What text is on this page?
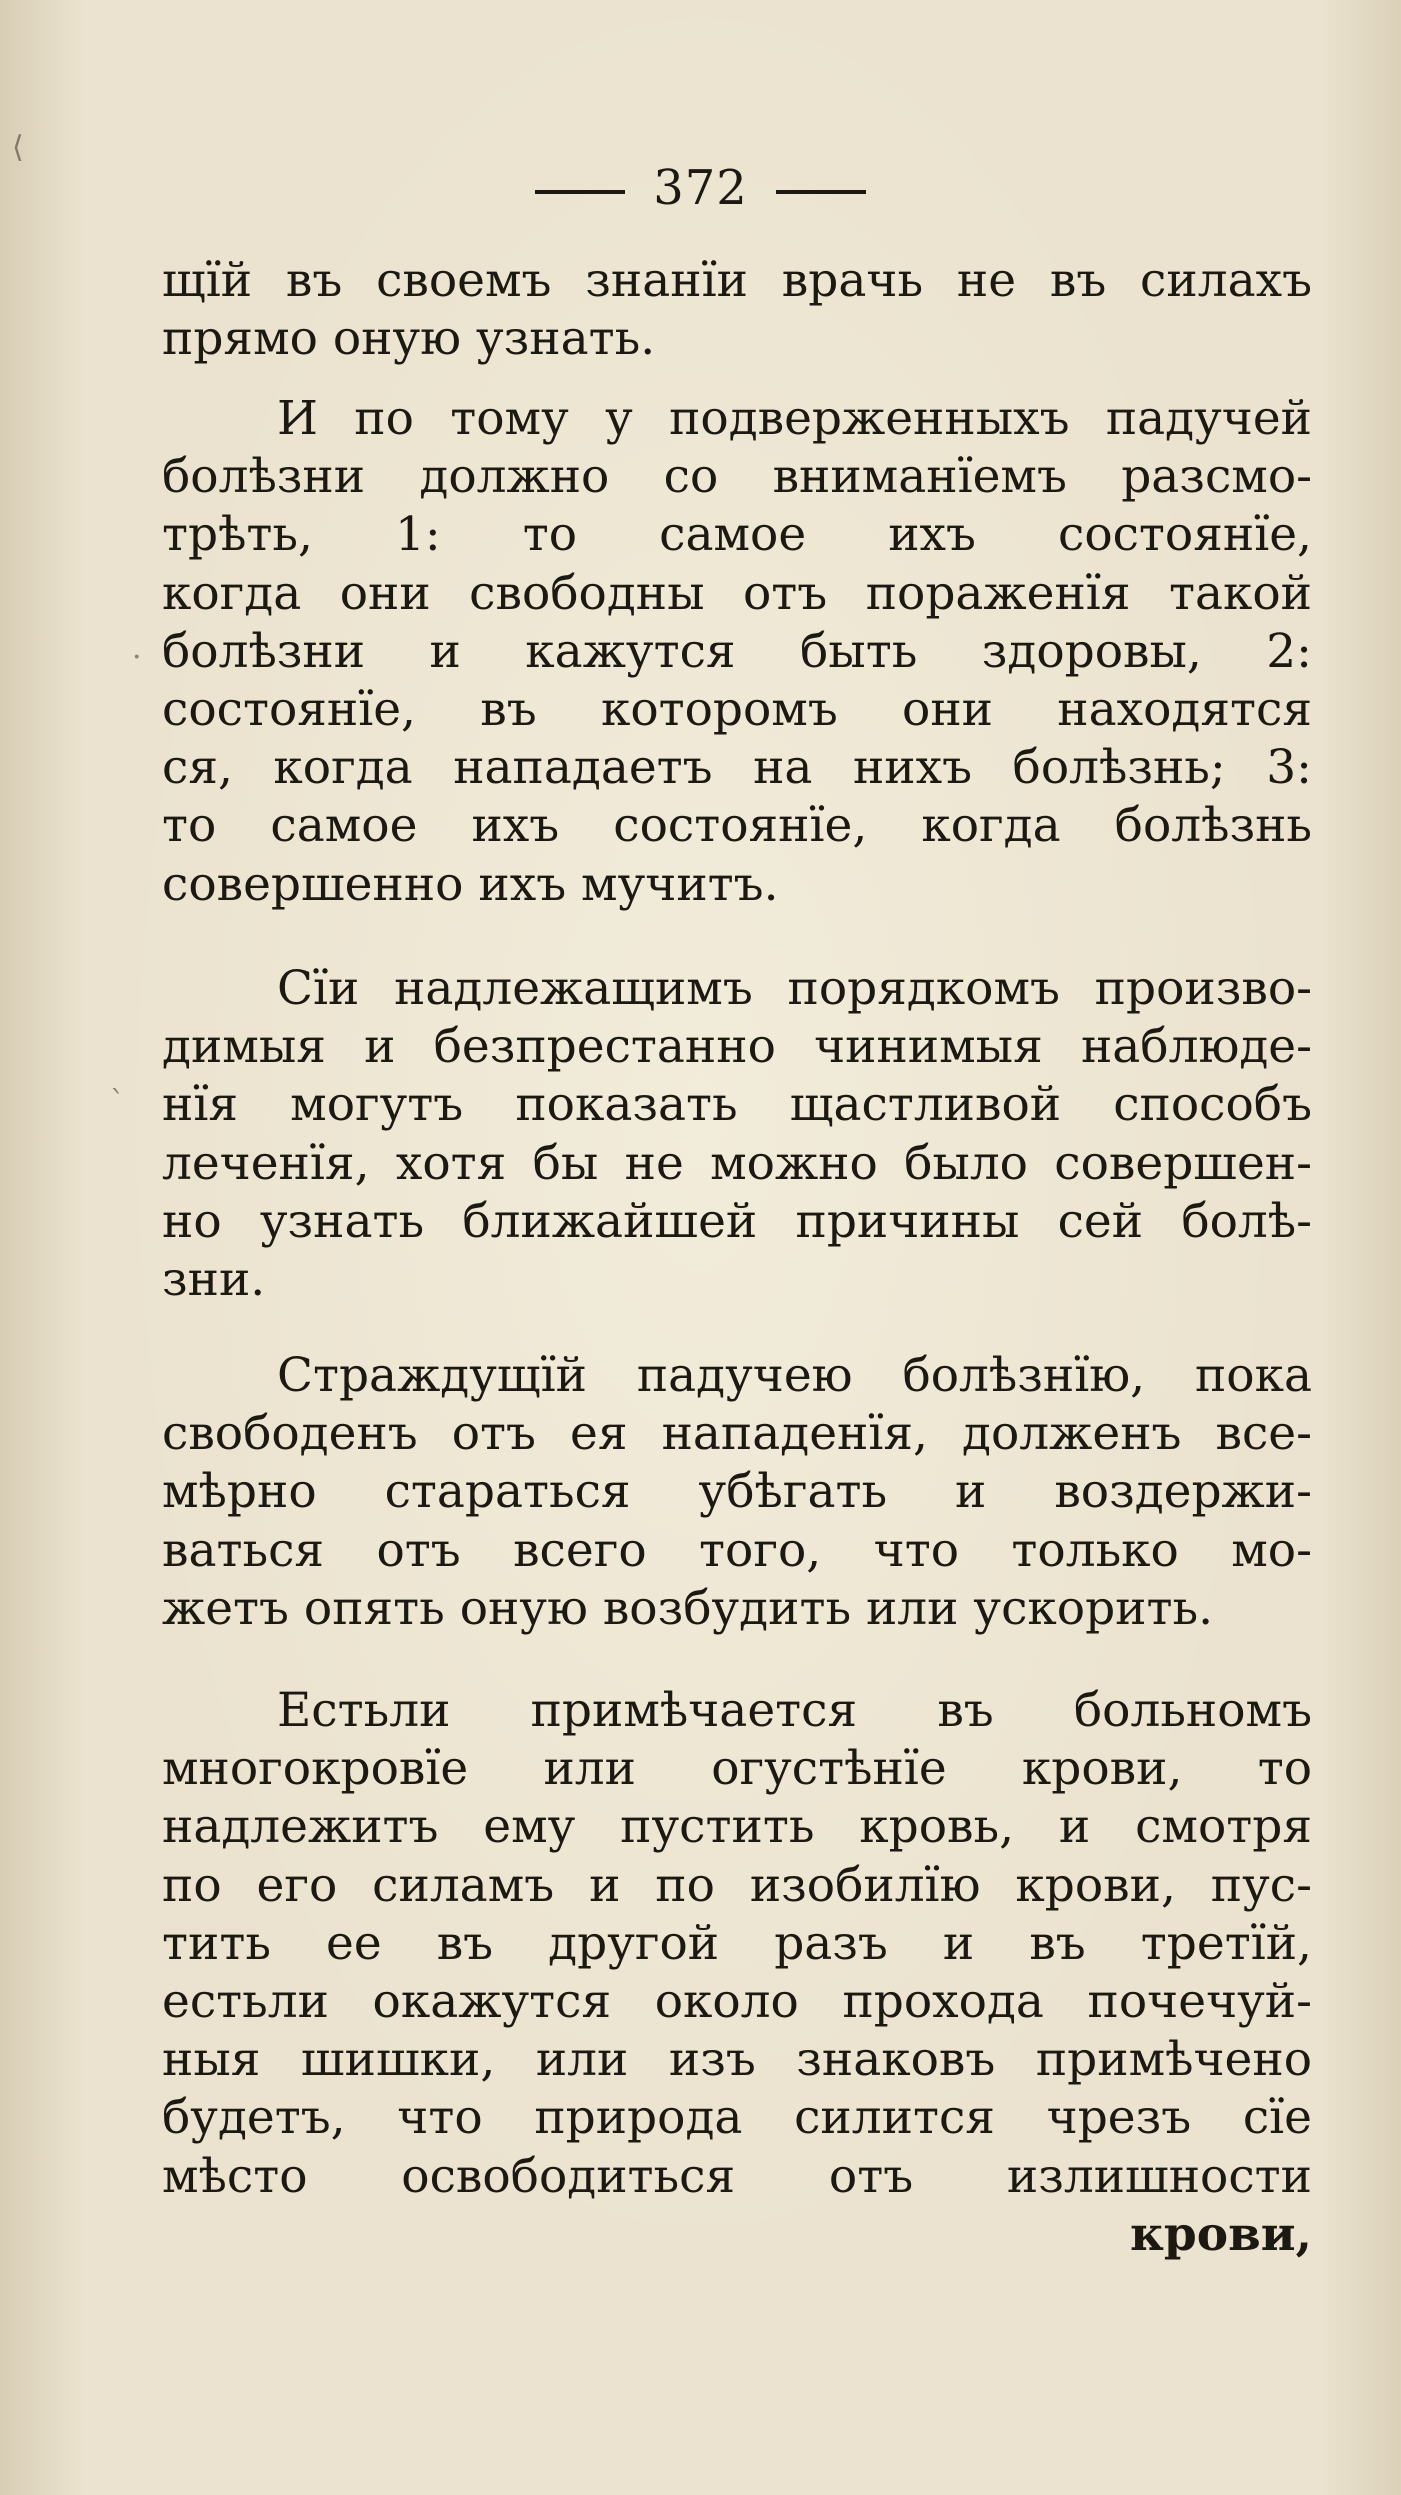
372
щїй въ своемъ знанїи врачь не въ силахъ
прямо оную узнать.
И по тому у подверженныхъ падучей
болѣзни должно со вниманїемъ разсмо-
трѣть, 1: то самое ихъ состоянїе,
когда они свободны отъ пораженїя такой
болѣзни и кажутся быть здоровы, 2:
состоянїе, въ которомъ они находятся
ся, когда нападаетъ на нихъ болѣзнь; 3:
то самое ихъ состоянїе, когда болѣзнь
совершенно ихъ мучитъ.
Сїи надлежащимъ порядкомъ произво-
димыя и безпрестанно чинимыя наблюде-
нїя могутъ показать щастливой способъ
леченїя, хотя бы не можно было совершен-
но узнать ближайшей причины сей болѣ-
зни.
Страждущїй падучею болѣзнїю, пока
свободенъ отъ ея нападенїя, долженъ все-
мѣрно стараться убѣгать и воздержи-
ваться отъ всего того, что только мо-
жетъ опять оную возбудить или ускорить.
Естьли примѣчается въ больномъ
многокровїе или огустѣнїе крови, то
надлежитъ ему пустить кровь, и смотря
по его силамъ и по изобилїю крови, пус-
тить ее въ другой разъ и въ третїй,
естьли окажутся около прохода почечуй-
ныя шишки, или изъ знаковъ примѣчено
будетъ, что природа силится чрезъ сїе
мѣсто освободиться отъ излишности
крови,
⟨
·
ˋ
